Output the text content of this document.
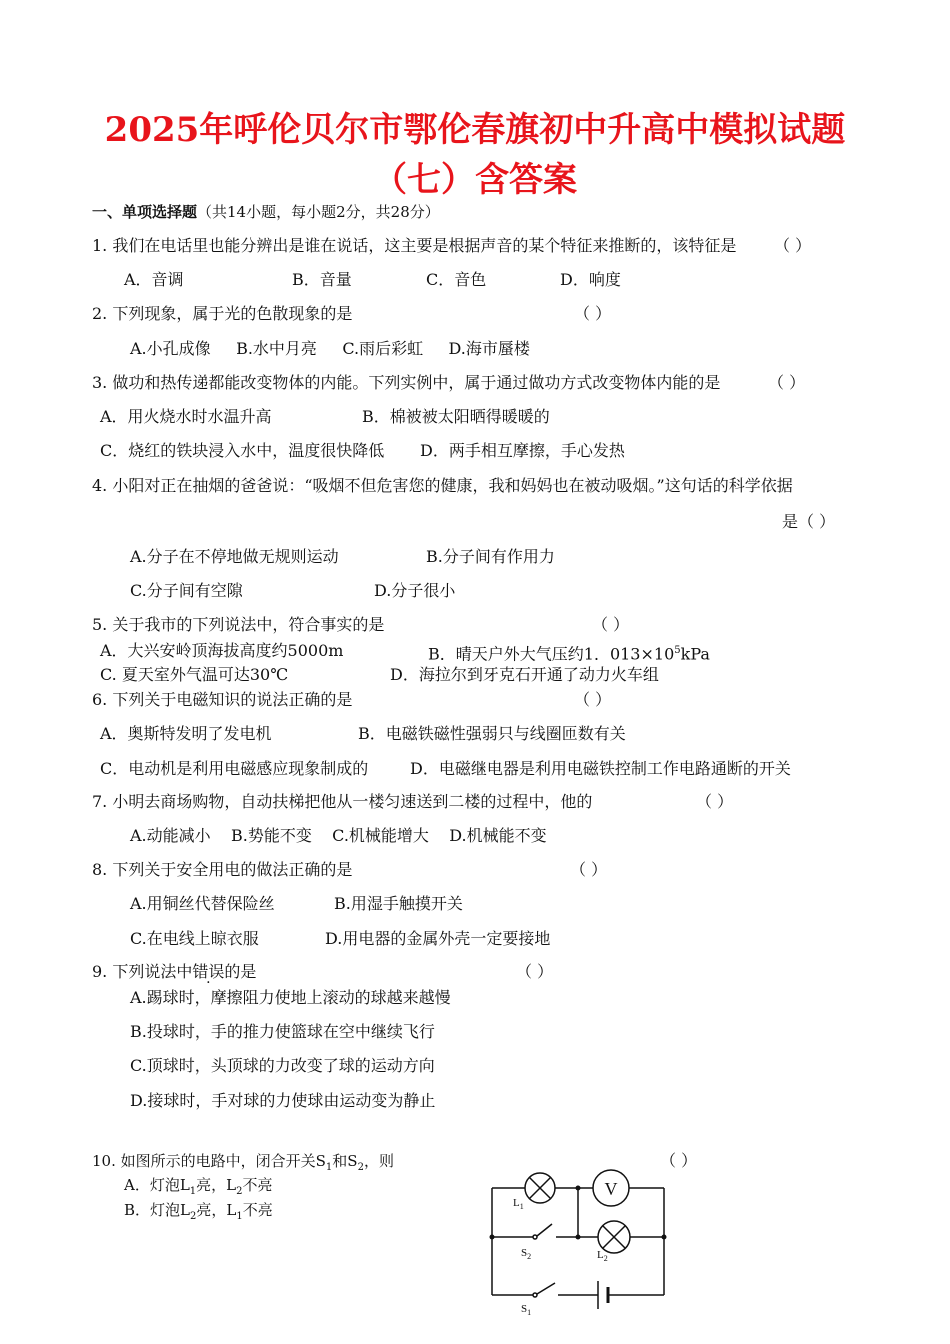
2025年呼伦贝尔市鄂伦春旗初中升高中模拟试题
（七）含答案
一、单项选择题（共14小题，每小题2分，共28分）
1. 我们在电话里也能分辨出是谁在说话，这主要是根据声音的某个特征来推断的，该特征是 （ ）
A．音调	B．音量	C．音色	D．响度
2. 下列现象，属于光的色散现象的是	（ ）
A.小孔成像     B.水中月亮     C.雨后彩虹     D.海市蜃楼
3. 做功和热传递都能改变物体的内能。下列实例中，属于通过做功方式改变物体内能的是	（ ）
A．用火烧水时水温升高	B．棉被被太阳晒得暖暖的
C．烧红的铁块浸入水中，温度很快降低 D．两手相互摩擦，手心发热
4. 小阳对正在抽烟的爸爸说：“吸烟不但危害您的健康，我和妈妈也在被动吸烟。”这句话的科学依据
是（ ）
A.分子在不停地做无规则运动	B.分子间有作用力
C.分子间有空隙	D.分子很小
5. 关于我市的下列说法中，符合事实的是	（ ）
A．大兴安岭顶海拔高度约5000m	B．晴天户外大气压约1．$013\times 10^5kPa$
C. 夏天室外气温可达30℃	D．海拉尔到牙克石开通了动力火车组
6. 下列关于电磁知识的说法正确的是	（ ）
A．奥斯特发明了发电机	B．电磁铁磁性强弱只与线圈匝数有关
C．电动机是利用电磁感应现象制成的	D．电磁继电器是利用电磁铁控制工作电路通断的开关
7. 小明去商场购物，自动扶梯把他从一楼匀速送到二楼的过程中，他的	（ ）
A.动能减小    B.势能不变    C.机械能增大    D.机械能不变
8. 下列关于安全用电的做法正确的是	（ ）
A.用铜丝代替保险丝	B.用湿手触摸开关
C.在电线上晾衣服	D.用电器的金属外壳一定要接地
9. 下列说法中错误的是	（ ）
A.踢球时，摩擦阻力使地上滚动的球越来越慢
B.投球时，手的推力使篮球在空中继续飞行
C.顶球时，头顶球的力改变了球的运动方向
D.接球时，手对球的力使球由运动变为静止
10. 如图所示的电路中，闭合开关$S_1$和$S_2$，则	（ ）
A．灯泡$L_1$亮，$L_2$不亮
B．灯泡$L_2$亮，$L_1$不亮
V
$L_1$
$L_2$
$S_2$
$S_1$
